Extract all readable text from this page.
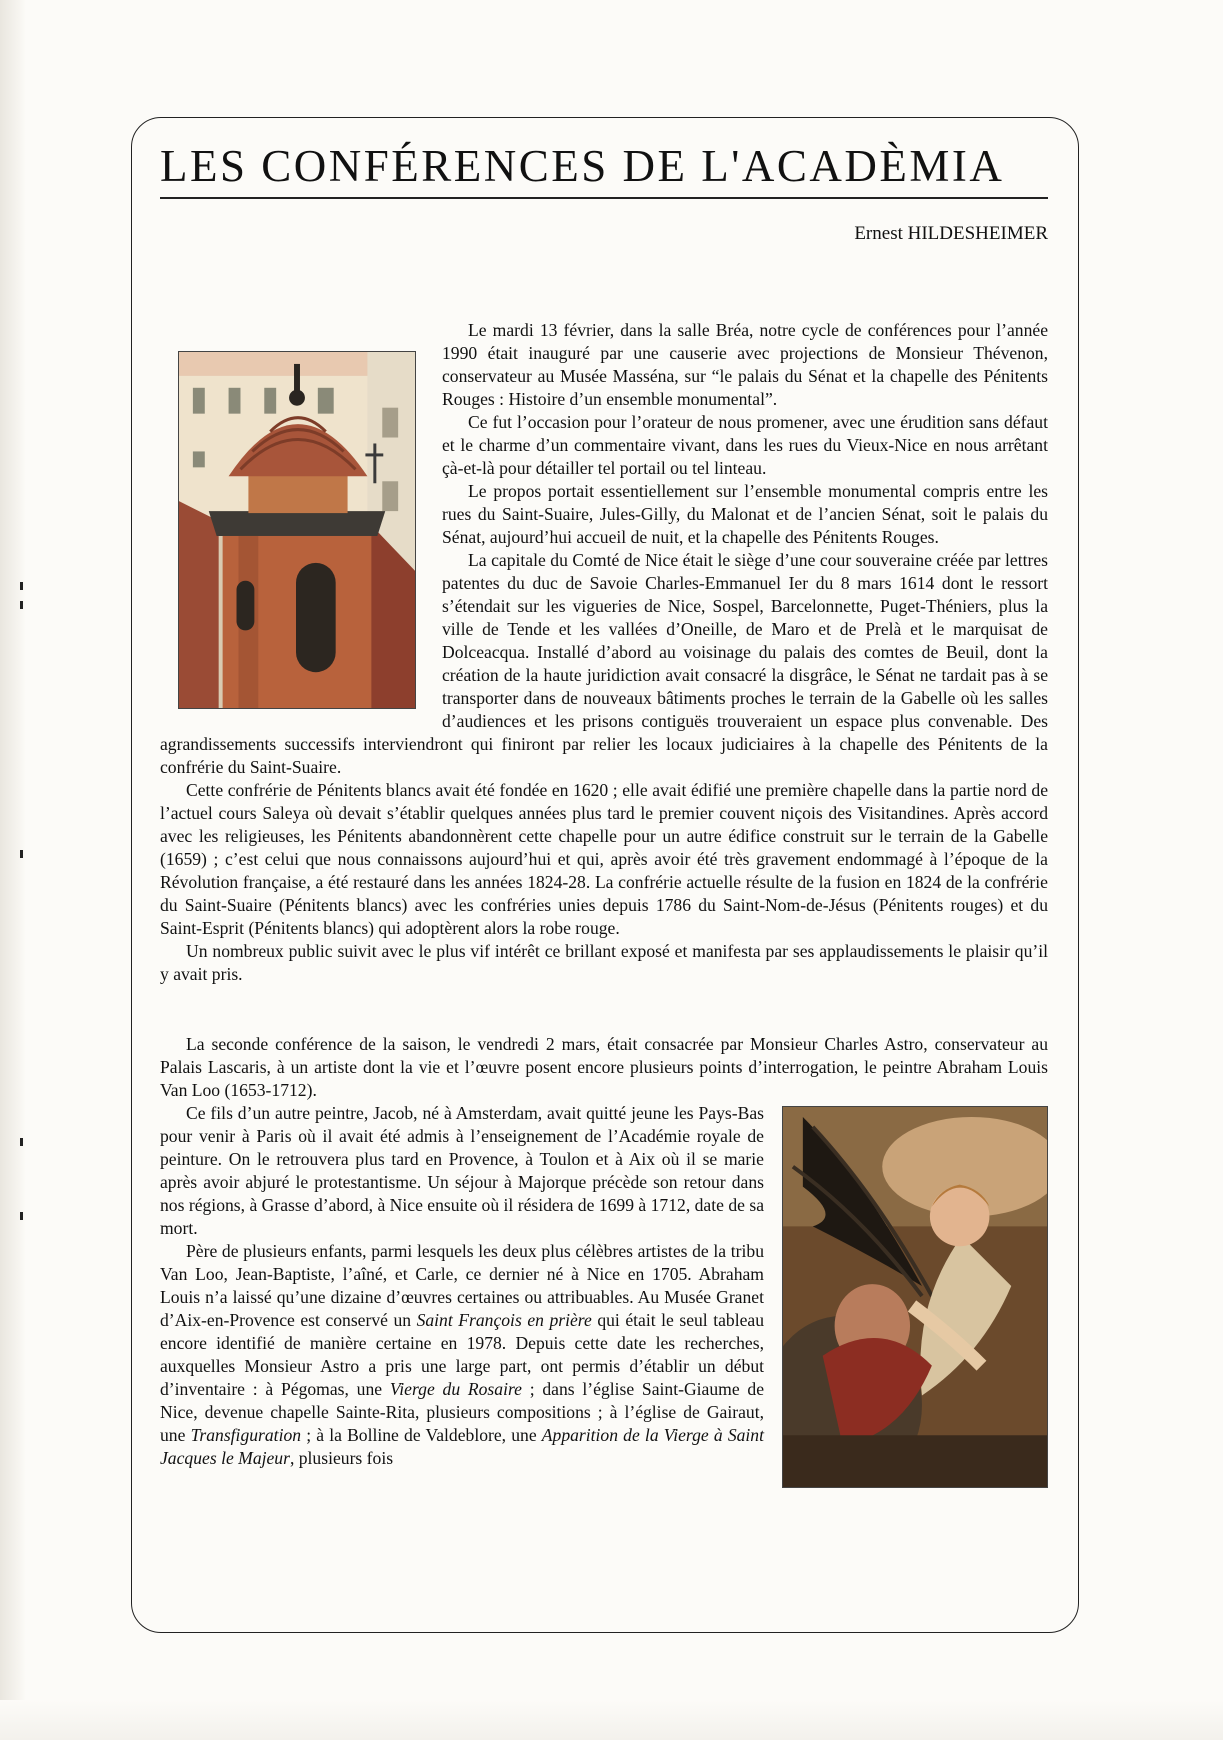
LES CONFÉRENCES DE L'ACADÈMIA
Ernest HILDESHEIMER

Le mardi 13 février, dans la salle Bréa, notre cycle de conférences pour l’année 1990 était inauguré par une causerie avec projections de Monsieur Thévenon, conservateur au Musée Masséna, sur “le palais du Sénat et la chapelle des Pénitents Rouges : Histoire d’un ensemble monumental”.

Ce fut l’occasion pour l’orateur de nous promener, avec une érudition sans défaut et le charme d’un commentaire vivant, dans les rues du Vieux-Nice en nous arrêtant çà-et-là pour détailler tel portail ou tel linteau.

Le propos portait essentiellement sur l’ensemble monumental compris entre les rues du Saint-Suaire, Jules-Gilly, du Malonat et de l’ancien Sénat, soit le palais du Sénat, aujourd’hui accueil de nuit, et la chapelle des Pénitents Rouges.

La capitale du Comté de Nice était le siège d’une cour souveraine créée par lettres patentes du duc de Savoie Charles-Emmanuel Ier du 8 mars 1614 dont le ressort s’étendait sur les vigueries de Nice, Sospel, Barcelonnette, Puget-Théniers, plus la ville de Tende et les vallées d’Oneille, de Maro et de Prelà et le marquisat de Dolceacqua. Installé d’abord au voisinage du palais des comtes de Beuil, dont la création de la haute juridiction avait consacré la disgrâce, le Sénat ne tardait pas à se transporter dans de nouveaux bâtiments proches le terrain de la Gabelle où les salles d’audiences et les prisons contiguës trouveraient un espace plus convenable. Des agrandissements successifs interviendront qui finiront par relier les locaux judiciaires à la chapelle des Pénitents de la confrérie du Saint-Suaire.

Cette confrérie de Pénitents blancs avait été fondée en 1620 ; elle avait édifié une première chapelle dans la partie nord de l’actuel cours Saleya où devait s’établir quelques années plus tard le premier couvent niçois des Visitandines. Après accord avec les religieuses, les Pénitents abandonnèrent cette chapelle pour un autre édifice construit sur le terrain de la Gabelle (1659) ; c’est celui que nous connaissons aujourd’hui et qui, après avoir été très gravement endommagé à l’époque de la Révolution française, a été restauré dans les années 1824-28. La confrérie actuelle résulte de la fusion en 1824 de la confrérie du Saint-Suaire (Pénitents blancs) avec les confréries unies depuis 1786 du Saint-Nom-de-Jésus (Pénitents rouges) et du Saint-Esprit (Pénitents blancs) qui adoptèrent alors la robe rouge.

Un nombreux public suivit avec le plus vif intérêt ce brillant exposé et manifesta par ses applaudissements le plaisir qu’il y avait pris.

La seconde conférence de la saison, le vendredi 2 mars, était consacrée par Monsieur Charles Astro, conservateur au Palais Lascaris, à un artiste dont la vie et l’œuvre posent encore plusieurs points d’interrogation, le peintre Abraham Louis Van Loo (1653-1712).

Ce fils d’un autre peintre, Jacob, né à Amsterdam, avait quitté jeune les Pays-Bas pour venir à Paris où il avait été admis à l’enseignement de l’Académie royale de peinture. On le retrouvera plus tard en Provence, à Toulon et à Aix où il se marie après avoir abjuré le protestantisme. Un séjour à Majorque précède son retour dans nos régions, à Grasse d’abord, à Nice ensuite où il résidera de 1699 à 1712, date de sa mort.

Père de plusieurs enfants, parmi lesquels les deux plus célèbres artistes de la tribu Van Loo, Jean-Baptiste, l’aîné, et Carle, ce dernier né à Nice en 1705. Abraham Louis n’a laissé qu’une dizaine d’œuvres certaines ou attribuables. Au Musée Granet d’Aix-en-Provence est conservé un Saint François en prière qui était le seul tableau encore identifié de manière certaine en 1978. Depuis cette date les recherches, auxquelles Monsieur Astro a pris une large part, ont permis d’établir un début d’inventaire : à Pégomas, une Vierge du Rosaire ; dans l’église Saint-Giaume de Nice, devenue chapelle Sainte-Rita, plusieurs compositions ; à l’église de Gairaut, une Transfiguration ; à la Bolline de Valdeblore, une Apparition de la Vierge à Saint Jacques le Majeur, plusieurs fois
